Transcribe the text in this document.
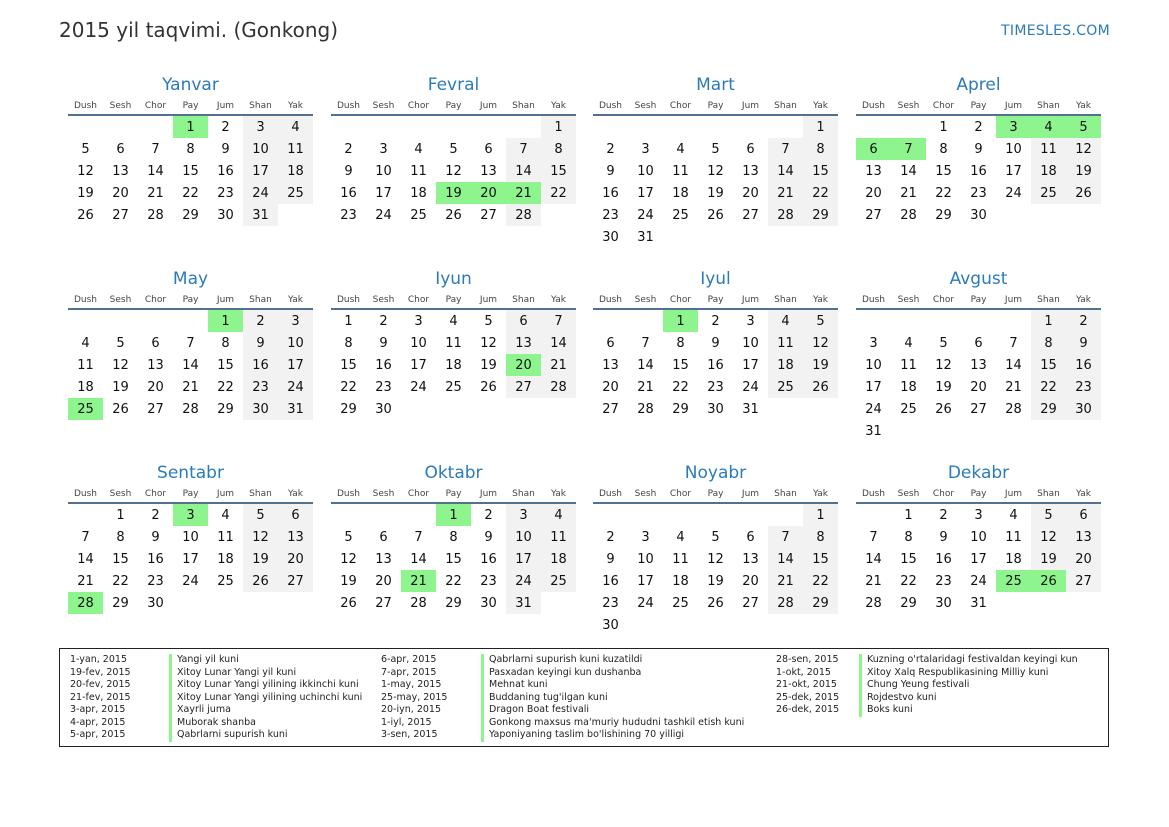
2015 yil taqvimi. (Gonkong)	TIMESLES.COM
Yanvar
Dush	Sesh	Chor	Pay	Jum	Shan	Yak
			1	2	3	4
5	6	7	8	9	10	11
12	13	14	15	16	17	18
19	20	21	22	23	24	25
26	27	28	29	30	31	
Fevral
Dush	Sesh	Chor	Pay	Jum	Shan	Yak
						1
2	3	4	5	6	7	8
9	10	11	12	13	14	15
16	17	18	19	20	21	22
23	24	25	26	27	28	
Mart
Dush	Sesh	Chor	Pay	Jum	Shan	Yak
						1
2	3	4	5	6	7	8
9	10	11	12	13	14	15
16	17	18	19	20	21	22
23	24	25	26	27	28	29
30	31					
Aprel
Dush	Sesh	Chor	Pay	Jum	Shan	Yak
		1	2	3	4	5
6	7	8	9	10	11	12
13	14	15	16	17	18	19
20	21	22	23	24	25	26
27	28	29	30			
May
Dush	Sesh	Chor	Pay	Jum	Shan	Yak
				1	2	3
4	5	6	7	8	9	10
11	12	13	14	15	16	17
18	19	20	21	22	23	24
25	26	27	28	29	30	31
Iyun
Dush	Sesh	Chor	Pay	Jum	Shan	Yak
1	2	3	4	5	6	7
8	9	10	11	12	13	14
15	16	17	18	19	20	21
22	23	24	25	26	27	28
29	30					
Iyul
Dush	Sesh	Chor	Pay	Jum	Shan	Yak
		1	2	3	4	5
6	7	8	9	10	11	12
13	14	15	16	17	18	19
20	21	22	23	24	25	26
27	28	29	30	31		
Avgust
Dush	Sesh	Chor	Pay	Jum	Shan	Yak
					1	2
3	4	5	6	7	8	9
10	11	12	13	14	15	16
17	18	19	20	21	22	23
24	25	26	27	28	29	30
31						
Sentabr
Dush	Sesh	Chor	Pay	Jum	Shan	Yak
	1	2	3	4	5	6
7	8	9	10	11	12	13
14	15	16	17	18	19	20
21	22	23	24	25	26	27
28	29	30				
Oktabr
Dush	Sesh	Chor	Pay	Jum	Shan	Yak
			1	2	3	4
5	6	7	8	9	10	11
12	13	14	15	16	17	18
19	20	21	22	23	24	25
26	27	28	29	30	31	
Noyabr
Dush	Sesh	Chor	Pay	Jum	Shan	Yak
						1
2	3	4	5	6	7	8
9	10	11	12	13	14	15
16	17	18	19	20	21	22
23	24	25	26	27	28	29
30						
Dekabr
Dush	Sesh	Chor	Pay	Jum	Shan	Yak
	1	2	3	4	5	6
7	8	9	10	11	12	13
14	15	16	17	18	19	20
21	22	23	24	25	26	27
28	29	30	31			
1-yan, 2015	Yangi yil kuni
19-fev, 2015	Xitoy Lunar Yangi yil kuni
20-fev, 2015	Xitoy Lunar Yangi yilining ikkinchi kuni
21-fev, 2015	Xitoy Lunar Yangi yilining uchinchi kuni
3-apr, 2015	Xayrli juma
4-apr, 2015	Muborak shanba
5-apr, 2015	Qabrlarni supurish kuni
6-apr, 2015	Qabrlarni supurish kuni kuzatildi
7-apr, 2015	Pasxadan keyingi kun dushanba
1-may, 2015	Mehnat kuni
25-may, 2015	Buddaning tug'ilgan kuni
20-iyn, 2015	Dragon Boat festivali
1-iyl, 2015	Gonkong maxsus ma'muriy hududni tashkil etish kuni
3-sen, 2015	Yaponiyaning taslim bo'lishining 70 yilligi
28-sen, 2015	Kuzning o'rtalaridagi festivaldan keyingi kun
1-okt, 2015	Xitoy Xalq Respublikasining Milliy kuni
21-okt, 2015	Chung Yeung festivali
25-dek, 2015	Rojdestvo kuni
26-dek, 2015	Boks kuni
